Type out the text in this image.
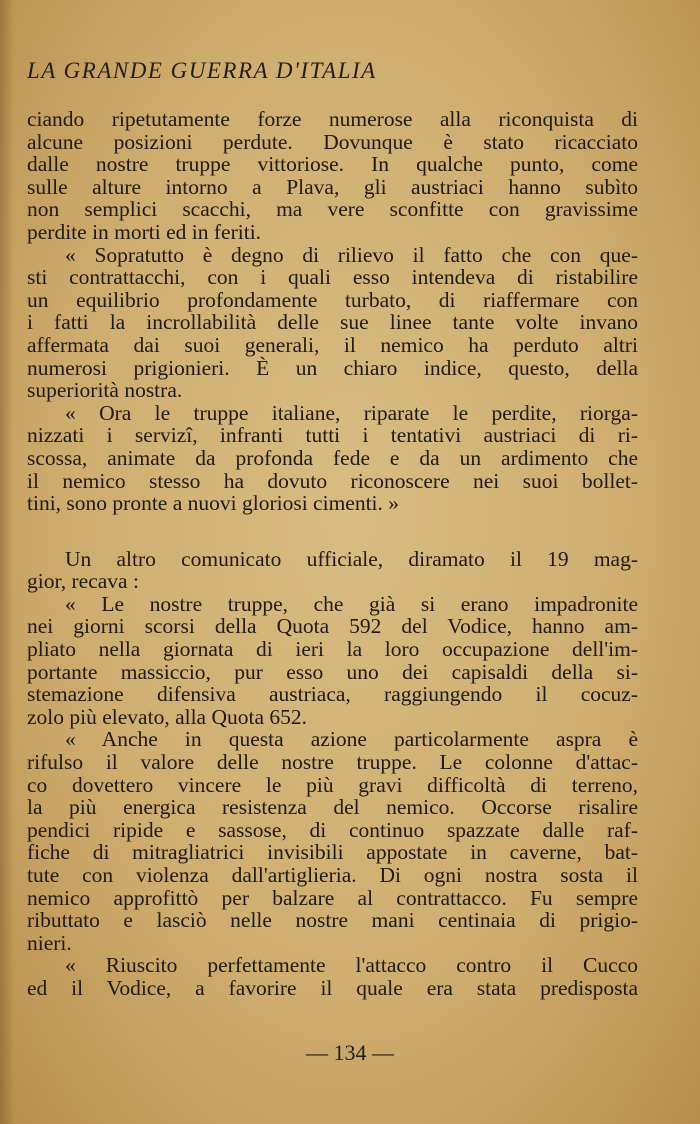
LA GRANDE GUERRA D'ITALIA
ciando ripetutamente forze numerose alla riconquista di
alcune posizioni perdute. Dovunque è stato ricacciato
dalle nostre truppe vittoriose. In qualche punto, come
sulle alture intorno a Plava, gli austriaci hanno subìto
non semplici scacchi, ma vere sconfitte con gravissime
perdite in morti ed in feriti.
« Sopratutto è degno di rilievo il fatto che con que-
sti contrattacchi, con i quali esso intendeva di ristabilire
un equilibrio profondamente turbato, di riaffermare con
i fatti la incrollabilità delle sue linee tante volte invano
affermata dai suoi generali, il nemico ha perduto altri
numerosi prigionieri. È un chiaro indice, questo, della
superiorità nostra.
« Ora le truppe italiane, riparate le perdite, riorga-
nizzati i servizî, infranti tutti i tentativi austriaci di ri-
scossa, animate da profonda fede e da un ardimento che
il nemico stesso ha dovuto riconoscere nei suoi bollet-
tini, sono pronte a nuovi gloriosi cimenti. »
Un altro comunicato ufficiale, diramato il 19 mag-
gior, recava :
« Le nostre truppe, che già si erano impadronite
nei giorni scorsi della Quota 592 del Vodice, hanno am-
pliato nella giornata di ieri la loro occupazione dell'im-
portante massiccio, pur esso uno dei capisaldi della si-
stemazione difensiva austriaca, raggiungendo il cocuz-
zolo più elevato, alla Quota 652.
« Anche in questa azione particolarmente aspra è
rifulso il valore delle nostre truppe. Le colonne d'attac-
co dovettero vincere le più gravi difficoltà di terreno,
la più energica resistenza del nemico. Occorse risalire
pendici ripide e sassose, di continuo spazzate dalle raf-
fiche di mitragliatrici invisibili appostate in caverne, bat-
tute con violenza dall'artiglieria. Di ogni nostra sosta il
nemico approfittò per balzare al contrattacco. Fu sempre
ributtato e lasciò nelle nostre mani centinaia di prigio-
nieri.
« Riuscito perfettamente l'attacco contro il Cucco
ed il Vodice, a favorire il quale era stata predisposta
— 134 —
